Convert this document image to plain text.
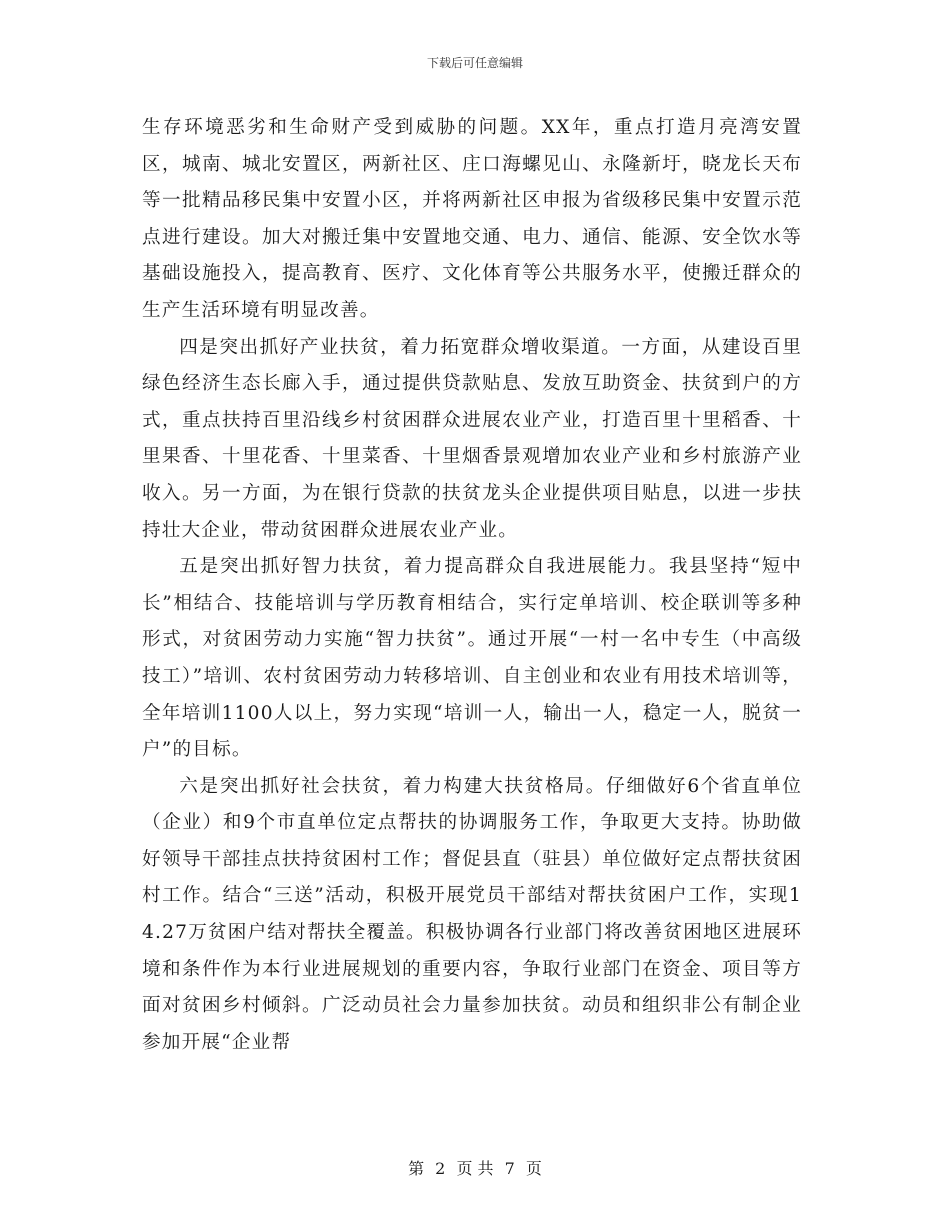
下载后可任意编辑

生存环境恶劣和生命财产受到威胁的问题。XX年，重点打造月亮湾安置区，城南、城北安置区，两新社区、庄口海螺见山、永隆新圩，晓龙长天布等一批精品移民集中安置小区，并将两新社区申报为省级移民集中安置示范点进行建设。加大对搬迁集中安置地交通、电力、通信、能源、安全饮水等基础设施投入，提高教育、医疗、文化体育等公共服务水平，使搬迁群众的生产生活环境有明显改善。

四是突出抓好产业扶贫，着力拓宽群众增收渠道。一方面，从建设百里绿色经济生态长廊入手，通过提供贷款贴息、发放互助资金、扶贫到户的方式，重点扶持百里沿线乡村贫困群众进展农业产业，打造百里十里稻香、十里果香、十里花香、十里菜香、十里烟香景观增加农业产业和乡村旅游产业收入。另一方面，为在银行贷款的扶贫龙头企业提供项目贴息，以进一步扶持壮大企业，带动贫困群众进展农业产业。

五是突出抓好智力扶贫，着力提高群众自我进展能力。我县坚持“短中长”相结合、技能培训与学历教育相结合，实行定单培训、校企联训等多种形式，对贫困劳动力实施“智力扶贫”。通过开展“一村一名中专生（中高级技工）”培训、农村贫困劳动力转移培训、自主创业和农业有用技术培训等，全年培训1100人以上，努力实现“培训一人，输出一人，稳定一人，脱贫一户”的目标。

六是突出抓好社会扶贫，着力构建大扶贫格局。仔细做好6个省直单位（企业）和9个市直单位定点帮扶的协调服务工作，争取更大支持。协助做好领导干部挂点扶持贫困村工作；督促县直（驻县）单位做好定点帮扶贫困村工作。结合“三送”活动，积极开展党员干部结对帮扶贫困户工作，实现14.27万贫困户结对帮扶全覆盖。积极协调各行业部门将改善贫困地区进展环境和条件作为本行业进展规划的重要内容，争取行业部门在资金、项目等方面对贫困乡村倾斜。广泛动员社会力量参加扶贫。动员和组织非公有制企业参加开展“企业帮

第 2 页 共 7 页
